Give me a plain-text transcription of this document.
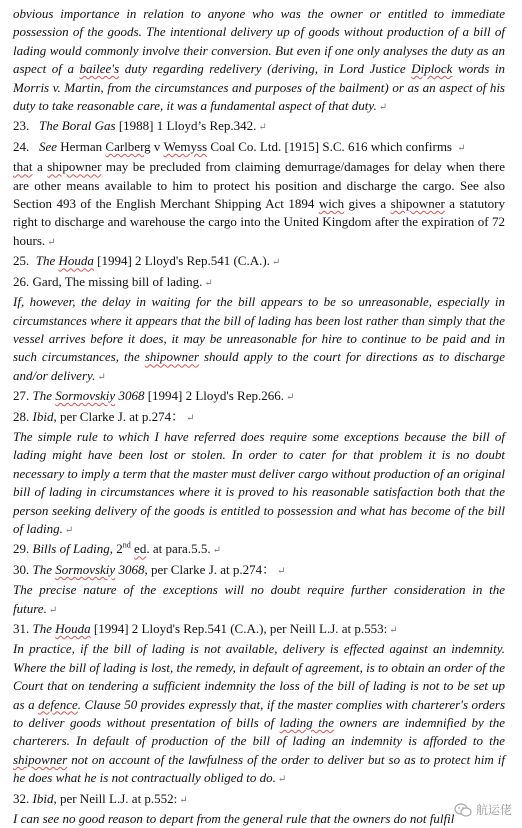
obvious importance in relation to anyone who was the owner or entitled to immediate possession of the goods. The intentional delivery up of goods without production of a bill of lading would commonly involve their conversion. But even if one only analyses the duty as an aspect of a bailee's duty regarding redelivery (deriving, in Lord Justice Diplock words in Morris v. Martin, from the circumstances and purposes of the bailment) or as an aspect of his duty to take reasonable care, it was a fundamental aspect of that duty. ↵

23. The Boral Gas [1988] 1 Lloyd’s Rep.342. ↵

24. See Herman Carlberg v Wemyss Coal Co. Ltd. [1915] S.C. 616 which confirms ↵
that a shipowner may be precluded from claiming demurrage/damages for delay when there are other means available to him to protect his position and discharge the cargo. See also Section 493 of the English Merchant Shipping Act 1894 wich gives a shipowner a statutory right to discharge and warehouse the cargo into the United Kingdom after the expiration of 72 hours. ↵

25. The Houda [1994] 2 Lloyd's Rep.541 (C.A.). ↵

26. Gard, The missing bill of lading. ↵

If, however, the delay in waiting for the bill appears to be so unreasonable, especially in circumstances where it appears that the bill of lading has been lost rather than simply that the vessel arrives before it does, it may be unreasonable for hire to continue to be paid and in such circumstances, the shipowner should apply to the court for directions as to discharge and/or delivery. ↵

27. The Sormovskiy 3068 [1994] 2 Lloyd's Rep.266. ↵

28. Ibid, per Clarke J. at p.274： ↵

The simple rule to which I have referred does require some exceptions because the bill of lading might have been lost or stolen. In order to cater for that problem it is no doubt necessary to imply a term that the master must deliver cargo without production of an original bill of lading in circumstances where it is proved to his reasonable satisfaction both that the person seeking delivery of the goods is entitled to possession and what has become of the bill of lading. ↵

29. Bills of Lading, 2nd ed. at para.5.5. ↵

30. The Sormovskiy 3068, per Clarke J. at p.274： ↵

The precise nature of the exceptions will no doubt require further consideration in the future. ↵

31. The Houda [1994] 2 Lloyd's Rep.541 (C.A.), per Neill L.J. at p.553: ↵

In practice, if the bill of lading is not available, delivery is effected against an indemnity. Where the bill of lading is lost, the remedy, in default of agreement, is to obtain an order of the Court that on tendering a sufficient indemnity the loss of the bill of lading is not to be set up as a defence. Clause 50 provides expressly that, if the master complies with charterer's orders to deliver goods without presentation of bills of lading the owners are indemnified by the charterers. In default of production of the bill of lading an indemnity is afforded to the shipowner not on account of the lawfulness of the order to deliver but so as to protect him if he does what he is not contractually obliged to do. ↵

32. Ibid, per Neill L.J. at p.552: ↵

I can see no good reason to depart from the general rule that the owners do not fulfil

航运佬
